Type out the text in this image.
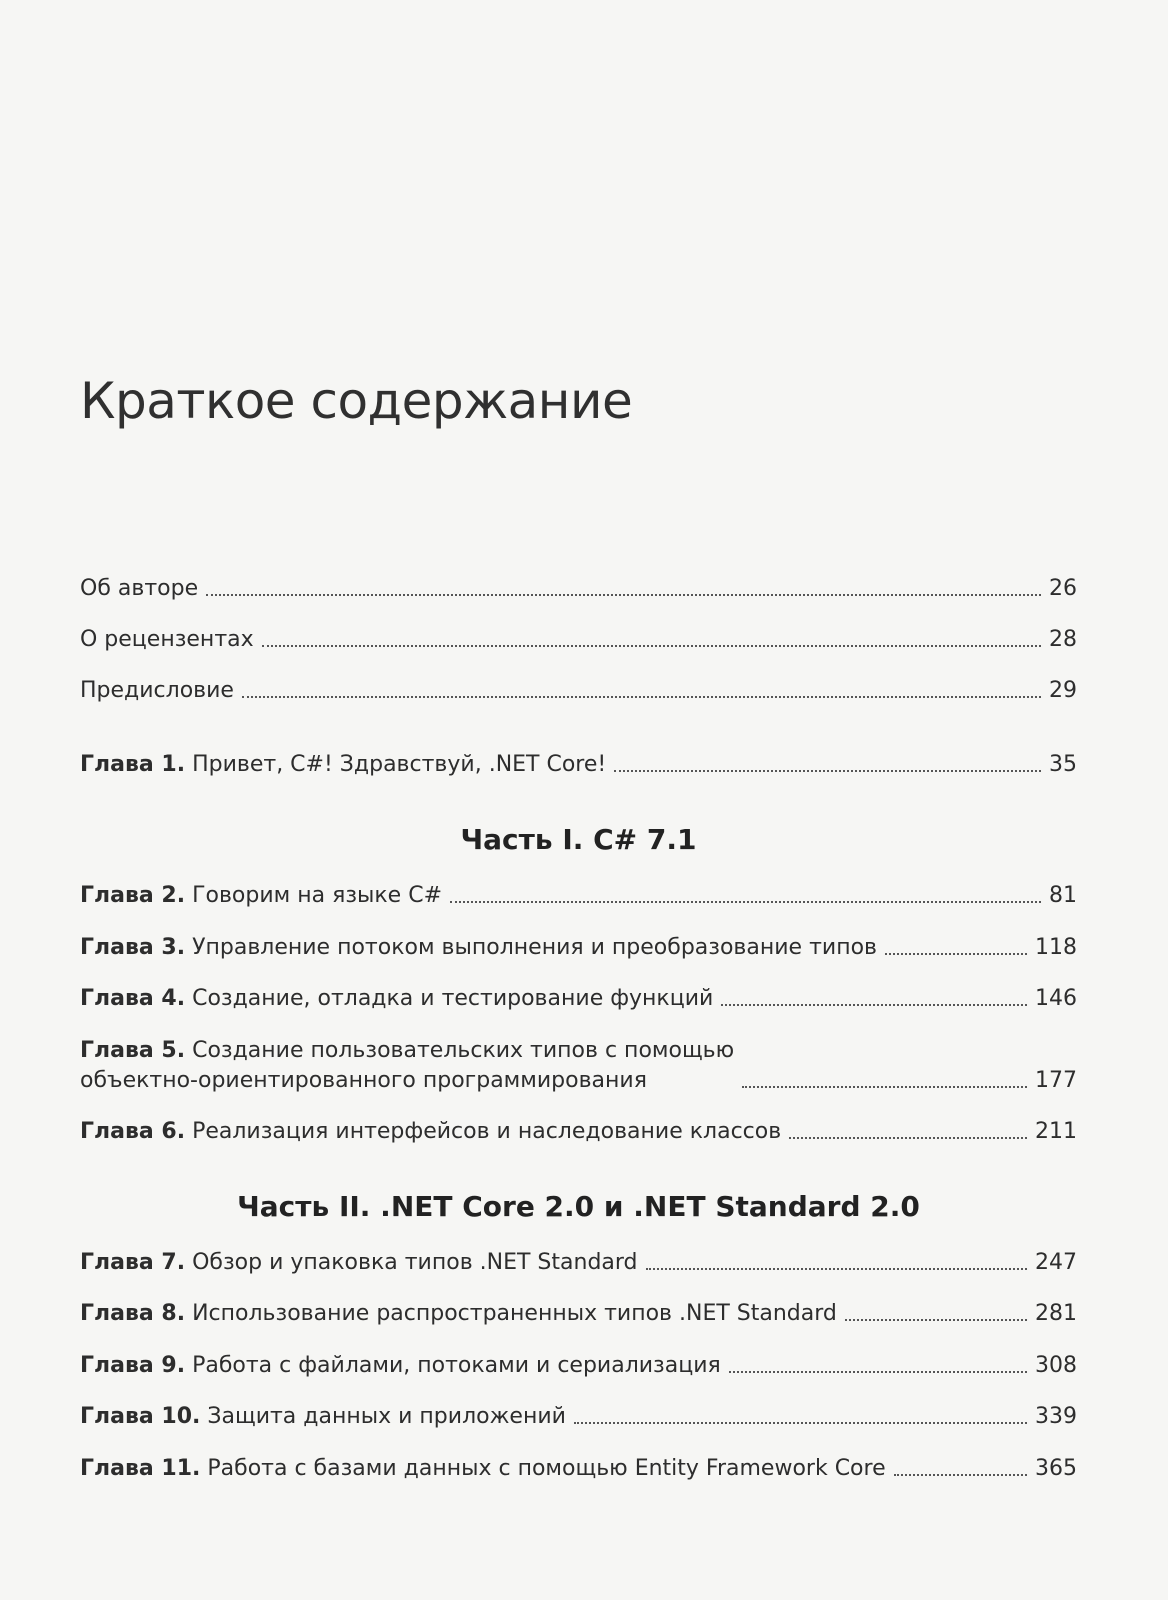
Краткое содержание
Об авторе	26
О рецензентах	28
Предисловие	29
Глава 1. Привет, C#! Здравствуй, .NET Core!	35
Часть I. C# 7.1
Глава 2. Говорим на языке C#	81
Глава 3. Управление потоком выполнения и преобразование типов	118
Глава 4. Создание, отладка и тестирование функций	146
Глава 5. Создание пользовательских типов с помощью
объектно-ориентированного программирования	177
Глава 6. Реализация интерфейсов и наследование классов	211
Часть II. .NET Core 2.0 и .NET Standard 2.0
Глава 7. Обзор и упаковка типов .NET Standard	247
Глава 8. Использование распространенных типов .NET Standard	281
Глава 9. Работа с файлами, потоками и сериализация	308
Глава 10. Защита данных и приложений	339
Глава 11. Работа с базами данных с помощью Entity Framework Core	365
